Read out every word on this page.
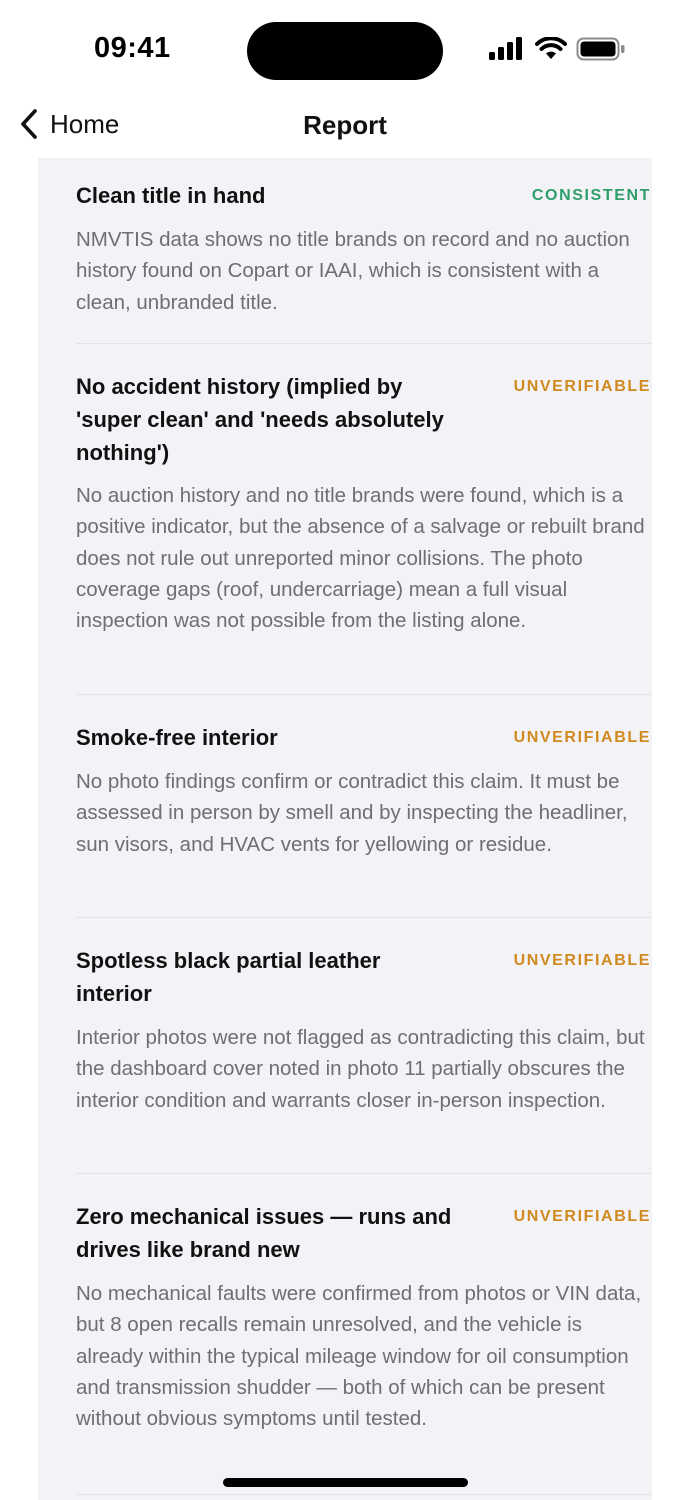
09:41
Home	Report
Clean title in hand	CONSISTENT
NMVTIS data shows no title brands on record and no auction history found on Copart or IAAI, which is consistent with a clean, unbranded title.
No accident history (implied by 'super clean' and 'needs absolutely nothing')
UNVERIFIABLE
No auction history and no title brands were found, which is a positive indicator, but the absence of a salvage or rebuilt brand does not rule out unreported minor collisions. The photo coverage gaps (roof, undercarriage) mean a full visual inspection was not possible from the listing alone.
Smoke-free interior	UNVERIFIABLE
No photo findings confirm or contradict this claim. It must be assessed in person by smell and by inspecting the headliner, sun visors, and HVAC vents for yellowing or residue.
Spotless black partial leather interior
UNVERIFIABLE
Interior photos were not flagged as contradicting this claim, but the dashboard cover noted in photo 11 partially obscures the interior condition and warrants closer in-person inspection.
Zero mechanical issues — runs and drives like brand new
UNVERIFIABLE
No mechanical faults were confirmed from photos or VIN data, but 8 open recalls remain unresolved, and the vehicle is already within the typical mileage window for oil consumption and transmission shudder — both of which can be present without obvious symptoms until tested.
